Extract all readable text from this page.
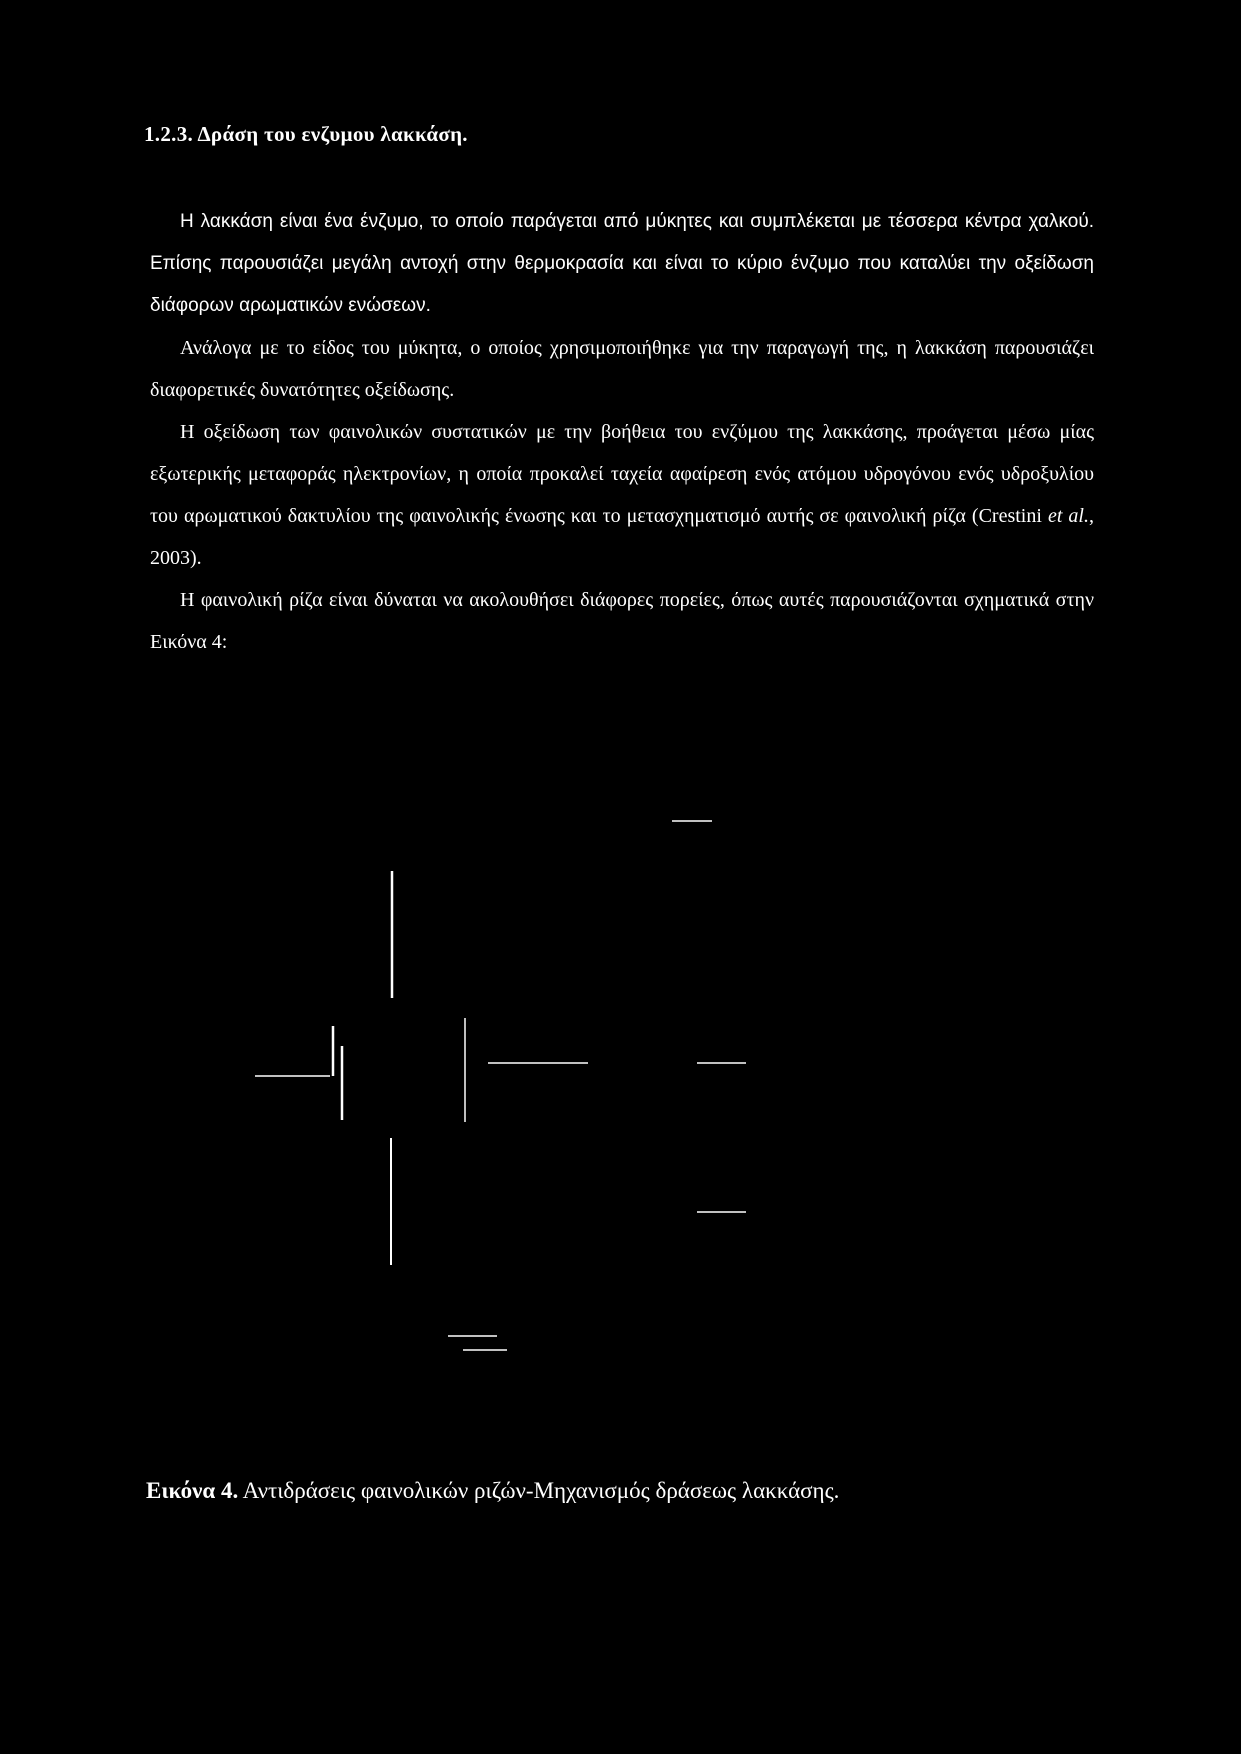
1.2.3. Δράση του ενζυμου λακκάση.

Η λακκάση είναι ένα ένζυμο, το οποίο παράγεται από μύκητες και συμπλέκεται με τέσσερα κέντρα χαλκού. Επίσης παρουσιάζει μεγάλη αντοχή στην θερμοκρασία και είναι το κύριο ένζυμο που καταλύει την οξείδωση διάφορων αρωματικών ενώσεων.

Ανάλογα με το είδος του μύκητα, ο οποίος χρησιμοποιήθηκε για την παραγωγή της, η λακκάση παρουσιάζει διαφορετικές δυνατότητες οξείδωσης.

Η οξείδωση των φαινολικών συστατικών με την βοήθεια του ενζύμου της λακκάσης, προάγεται μέσω μίας εξωτερικής μεταφοράς ηλεκτρονίων, η οποία προκαλεί ταχεία αφαίρεση ενός ατόμου υδρογόνου ενός υδροξυλίου του αρωματικού δακτυλίου της φαινολικής ένωσης και το μετασχηματισμό αυτής σε φαινολική ρίζα (Crestini et al., 2003).

Η φαινολική ρίζα είναι δύναται να ακολουθήσει διάφορες πορείες, όπως αυτές παρουσιάζονται σχηματικά στην Εικόνα 4:

Εικόνα 4. Αντιδράσεις φαινολικών ριζών-Μηχανισμός δράσεως λακκάσης.
